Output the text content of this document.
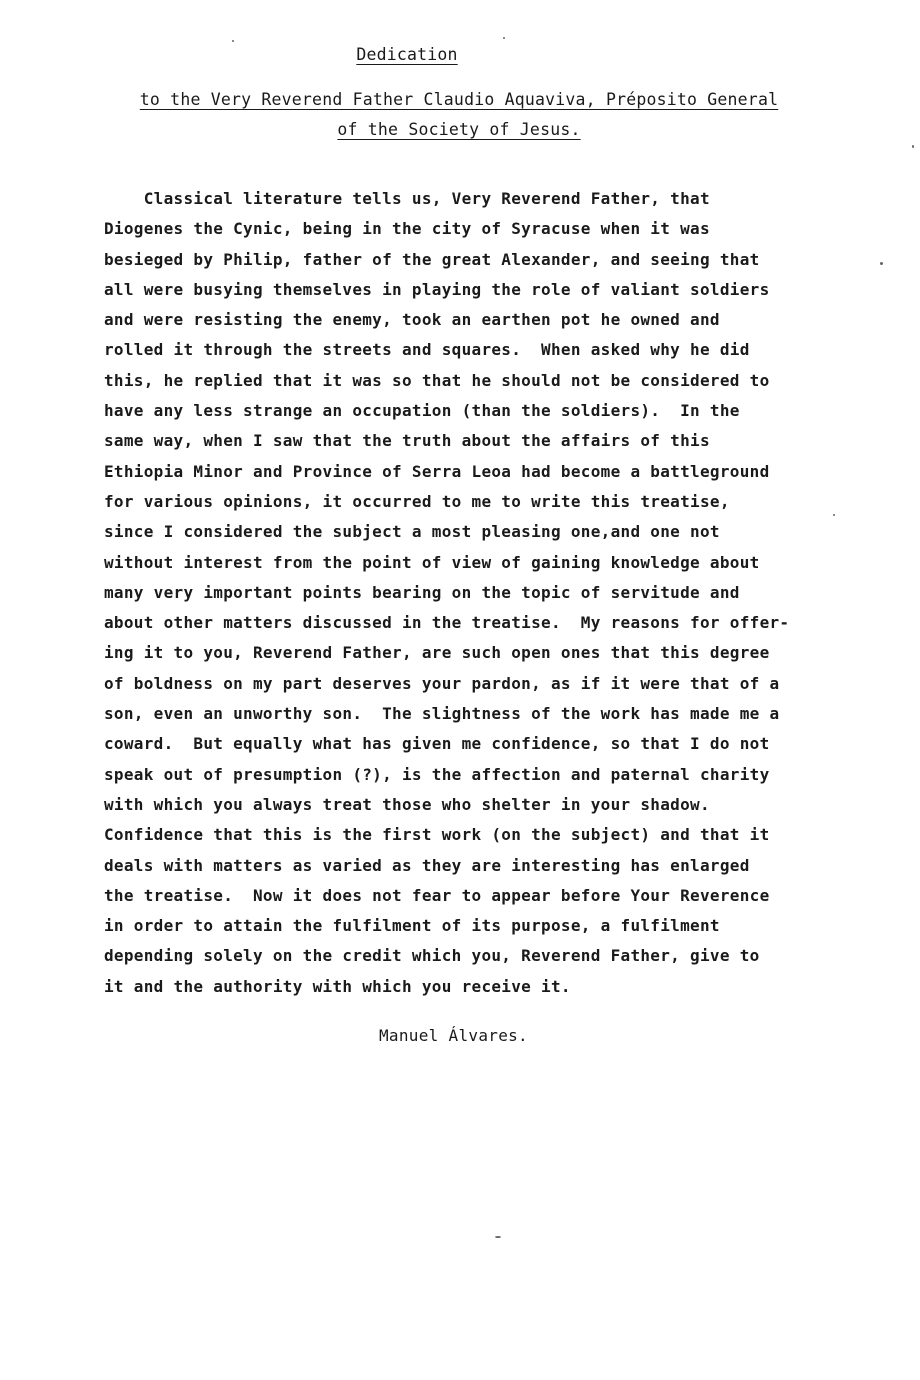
Dedication
to the Very Reverend Father Claudio Aquaviva, Préposito General
of the Society of Jesus.
Classical literature tells us, Very Reverend Father, that
Diogenes the Cynic, being in the city of Syracuse when it was
besieged by Philip, father of the great Alexander, and seeing that
all were busying themselves in playing the role of valiant soldiers
and were resisting the enemy, took an earthen pot he owned and
rolled it through the streets and squares.  When asked why he did
this, he replied that it was so that he should not be considered to
have any less strange an occupation (than the soldiers).  In the
same way, when I saw that the truth about the affairs of this
Ethiopia Minor and Province of Serra Leoa had become a battleground
for various opinions, it occurred to me to write this treatise,
since I considered the subject a most pleasing one,and one not
without interest from the point of view of gaining knowledge about
many very important points bearing on the topic of servitude and
about other matters discussed in the treatise.  My reasons for offer-
ing it to you, Reverend Father, are such open ones that this degree
of boldness on my part deserves your pardon, as if it were that of a
son, even an unworthy son.  The slightness of the work has made me a
coward.  But equally what has given me confidence, so that I do not
speak out of presumption (?), is the affection and paternal charity
with which you always treat those who shelter in your shadow.
Confidence that this is the first work (on the subject) and that it
deals with matters as varied as they are interesting has enlarged
the treatise.  Now it does not fear to appear before Your Reverence
in order to attain the fulfilment of its purpose, a fulfilment
depending solely on the credit which you, Reverend Father, give to
it and the authority with which you receive it.

Manuel Álvares.
